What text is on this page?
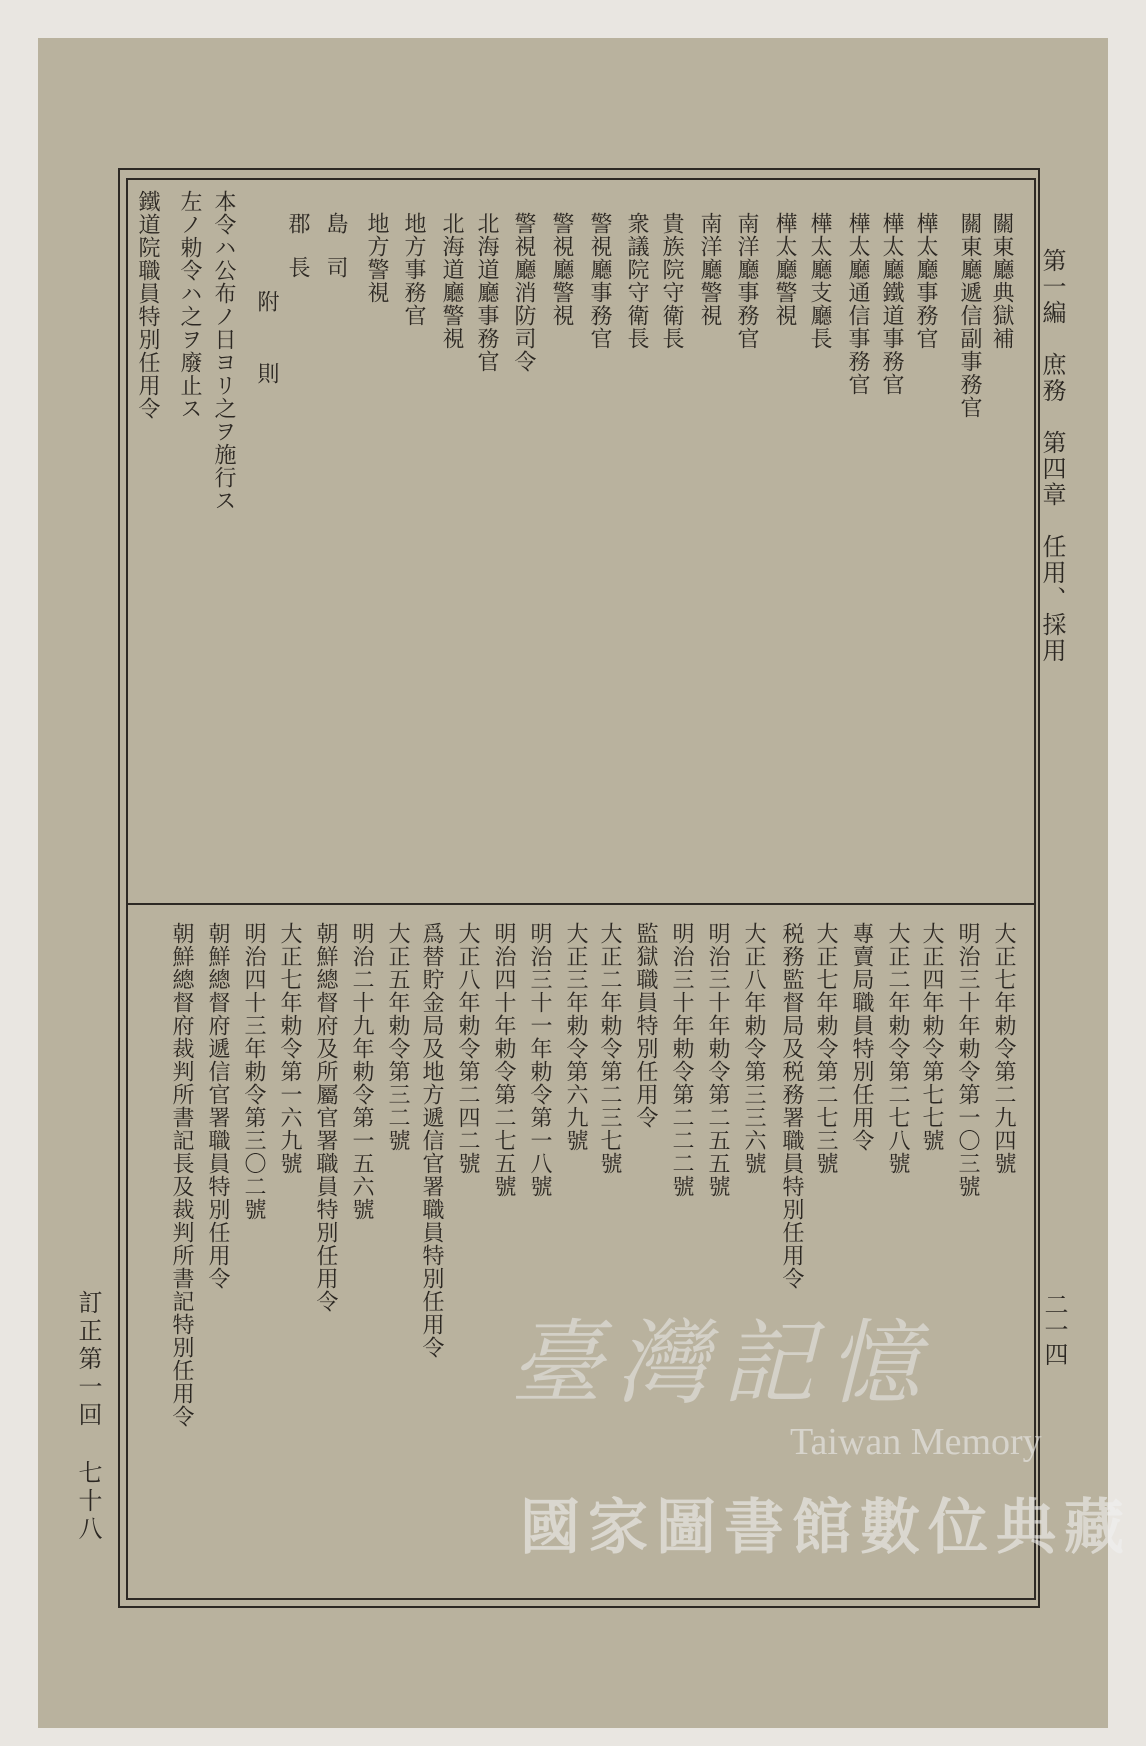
第一編　庶務　第四章　任用、採用
二一四
訂正第一回
七十八
關東廳典獄補
關東廳遞信副事務官
樺太廳事務官
樺太廳鐵道事務官
樺太廳通信事務官
樺太廳支廳長
樺太廳警視
南洋廳事務官
南洋廳警視
貴族院守衛長
衆議院守衛長
警視廳事務官
警視廳警視
警視廳消防司令
北海道廳事務官
北海道廳警視
地方事務官
地方警視
島司
郡長
附　則
本令ハ公布ノ日ヨリ之ヲ施行ス
左ノ勅令ハ之ヲ廢止ス
鐵道院職員特別任用令
大正七年勅令第二九四號
明治三十年勅令第一〇三號
大正四年勅令第七七號
大正二年勅令第二七八號
專賣局職員特別任用令
大正七年勅令第二七三號
税務監督局及税務署職員特別任用令
大正八年勅令第三三六號
明治三十年勅令第二五五號
明治三十年勅令第二二二號
監獄職員特別任用令
大正二年勅令第二三七號
大正三年勅令第六九號
明治三十一年勅令第一八號
明治四十年勅令第二七五號
大正八年勅令第二四二號
爲替貯金局及地方遞信官署職員特別任用令
大正五年勅令第三二號
明治二十九年勅令第一五六號
朝鮮總督府及所屬官署職員特別任用令
大正七年勅令第一六九號
明治四十三年勅令第三〇二號
朝鮮總督府遞信官署職員特別任用令
朝鮮總督府裁判所書記長及裁判所書記特別任用令	臺灣記憶
Taiwan Memory
國家圖書館數位典藏
